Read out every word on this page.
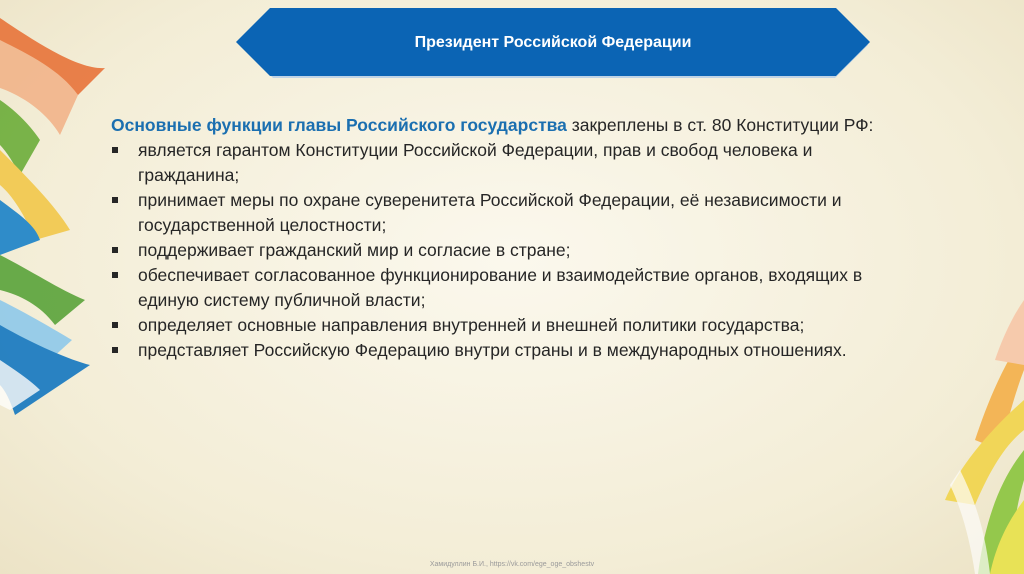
Президент Российской Федерации

Основные функции главы Российского государства закреплены в ст. 80 Конституции РФ:

является гарантом Конституции Российской Федерации, прав и свобод человека и гражданина;
принимает меры по охране суверенитета Российской Федерации, её независимости и государственной целостности;
поддерживает гражданский мир и согласие в стране;
обеспечивает согласованное функционирование и взаимодействие органов, входящих в единую систему публичной власти;
определяет основные направления внутренней и внешней политики государства;
представляет Российскую Федерацию внутри страны и в международных отношениях.
Хамидуллин Б.И., https://vk.com/ege_oge_obshestv
